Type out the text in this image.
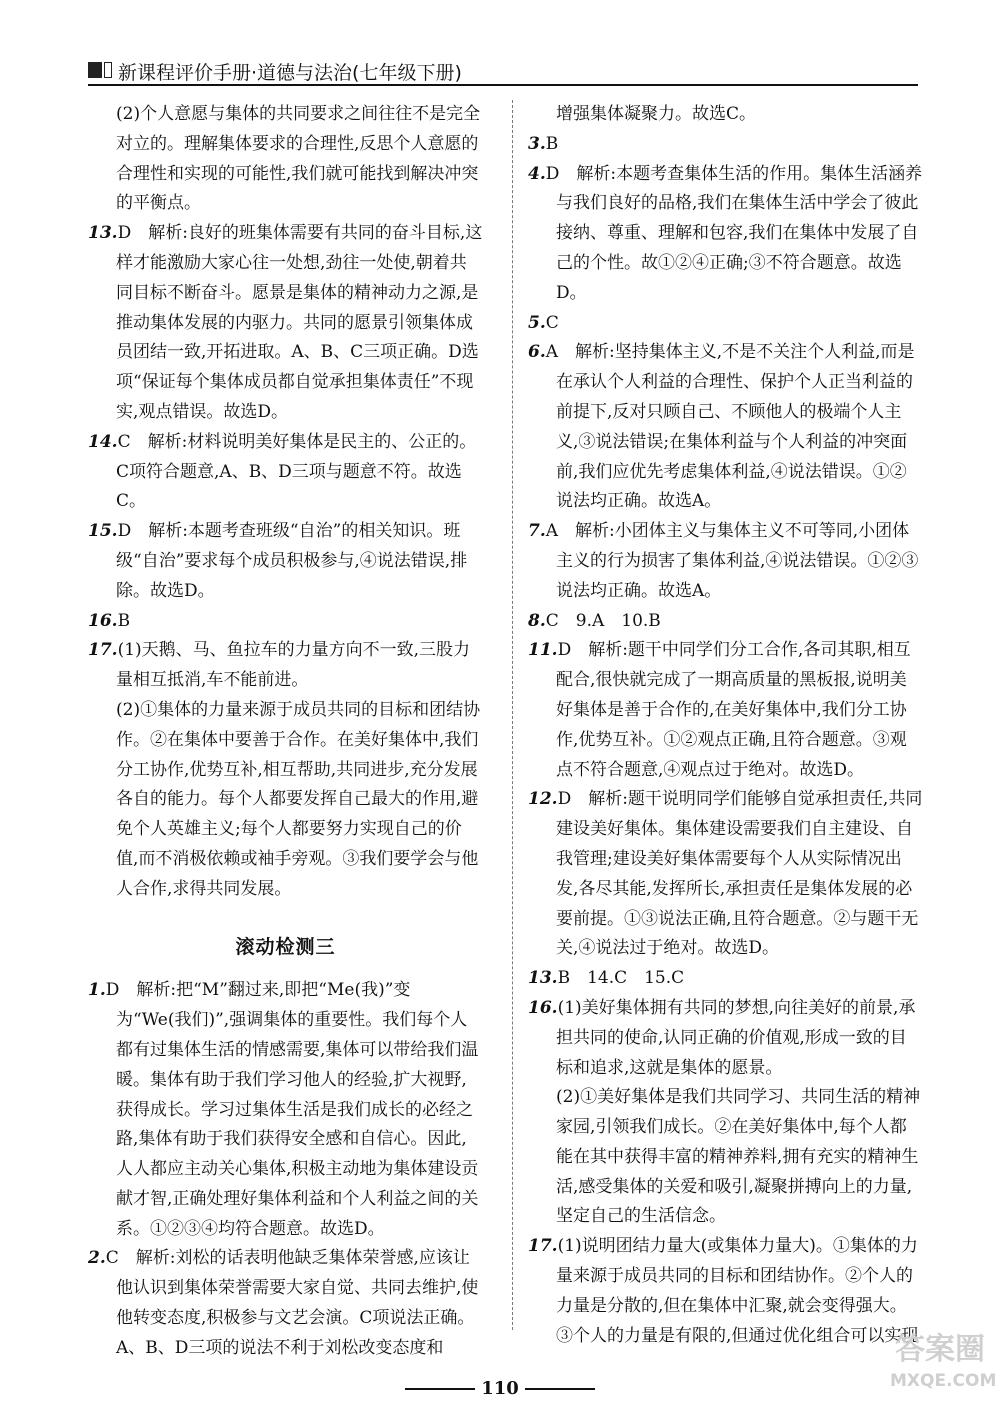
新课程评价手册·道德与法治(七年级下册)

(2)个人意愿与集体的共同要求之间往往不是完全对立的。理解集体要求的合理性,反思个人意愿的合理性和实现的可能性,我们就可能找到解决冲突的平衡点。

13.D　解析:良好的班集体需要有共同的奋斗目标,这样才能激励大家心往一处想,劲往一处使,朝着共同目标不断奋斗。愿景是集体的精神动力之源,是推动集体发展的内驱力。共同的愿景引领集体成员团结一致,开拓进取。A、B、C三项正确。D选项“保证每个集体成员都自觉承担集体责任”不现实,观点错误。故选D。

14.C　解析:材料说明美好集体是民主的、公正的。C项符合题意,A、B、D三项与题意不符。故选C。

15.D　解析:本题考查班级“自治”的相关知识。班级“自治”要求每个成员积极参与,④说法错误,排除。故选D。

16.B

17.(1)天鹅、马、鱼拉车的力量方向不一致,三股力量相互抵消,车不能前进。

(2)①集体的力量来源于成员共同的目标和团结协作。②在集体中要善于合作。在美好集体中,我们分工协作,优势互补,相互帮助,共同进步,充分发展各自的能力。每个人都要发挥自己最大的作用,避免个人英雄主义;每个人都要努力实现自己的价值,而不消极依赖或袖手旁观。③我们要学会与他人合作,求得共同发展。

滚动检测三

1.D　解析:把“M”翻过来,即把“Me(我)”变为“We(我们)”,强调集体的重要性。我们每个人都有过集体生活的情感需要,集体可以带给我们温暖。集体有助于我们学习他人的经验,扩大视野,获得成长。学习过集体生活是我们成长的必经之路,集体有助于我们获得安全感和自信心。因此,人人都应主动关心集体,积极主动地为集体建设贡献才智,正确处理好集体利益和个人利益之间的关系。①②③④均符合题意。故选D。

2.C　解析:刘松的话表明他缺乏集体荣誉感,应该让他认识到集体荣誉需要大家自觉、共同去维护,使他转变态度,积极参与文艺会演。C项说法正确。A、B、D三项的说法不利于刘松改变态度和

增强集体凝聚力。故选C。

3.B

4.D　解析:本题考查集体生活的作用。集体生活涵养与我们良好的品格,我们在集体生活中学会了彼此接纳、尊重、理解和包容,我们在集体中发展了自己的个性。故①②④正确;③不符合题意。故选D。

5.C

6.A　解析:坚持集体主义,不是不关注个人利益,而是在承认个人利益的合理性、保护个人正当利益的前提下,反对只顾自己、不顾他人的极端个人主义,③说法错误;在集体利益与个人利益的冲突面前,我们应优先考虑集体利益,④说法错误。①②说法均正确。故选A。

7.A　解析:小团体主义与集体主义不可等同,小团体主义的行为损害了集体利益,④说法错误。①②③说法均正确。故选A。

8.C　9.A　10.B

11.D　解析:题干中同学们分工合作,各司其职,相互配合,很快就完成了一期高质量的黑板报,说明美好集体是善于合作的,在美好集体中,我们分工协作,优势互补。①②观点正确,且符合题意。③观点不符合题意,④观点过于绝对。故选D。

12.D　解析:题干说明同学们能够自觉承担责任,共同建设美好集体。集体建设需要我们自主建设、自我管理;建设美好集体需要每个人从实际情况出发,各尽其能,发挥所长,承担责任是集体发展的必要前提。①③说法正确,且符合题意。②与题干无关,④说法过于绝对。故选D。

13.B　14.C　15.C

16.(1)美好集体拥有共同的梦想,向往美好的前景,承担共同的使命,认同正确的价值观,形成一致的目标和追求,这就是集体的愿景。

(2)①美好集体是我们共同学习、共同生活的精神家园,引领我们成长。②在美好集体中,每个人都能在其中获得丰富的精神养料,拥有充实的精神生活,感受集体的关爱和吸引,凝聚拼搏向上的力量,坚定自己的生活信念。

17.(1)说明团结力量大(或集体力量大)。①集体的力量来源于成员共同的目标和团结协作。②个人的力量是分散的,但在集体中汇聚,就会变得强大。③个人的力量是有限的,但通过优化组合可以实现

110
答案圈
MXQE.COM
